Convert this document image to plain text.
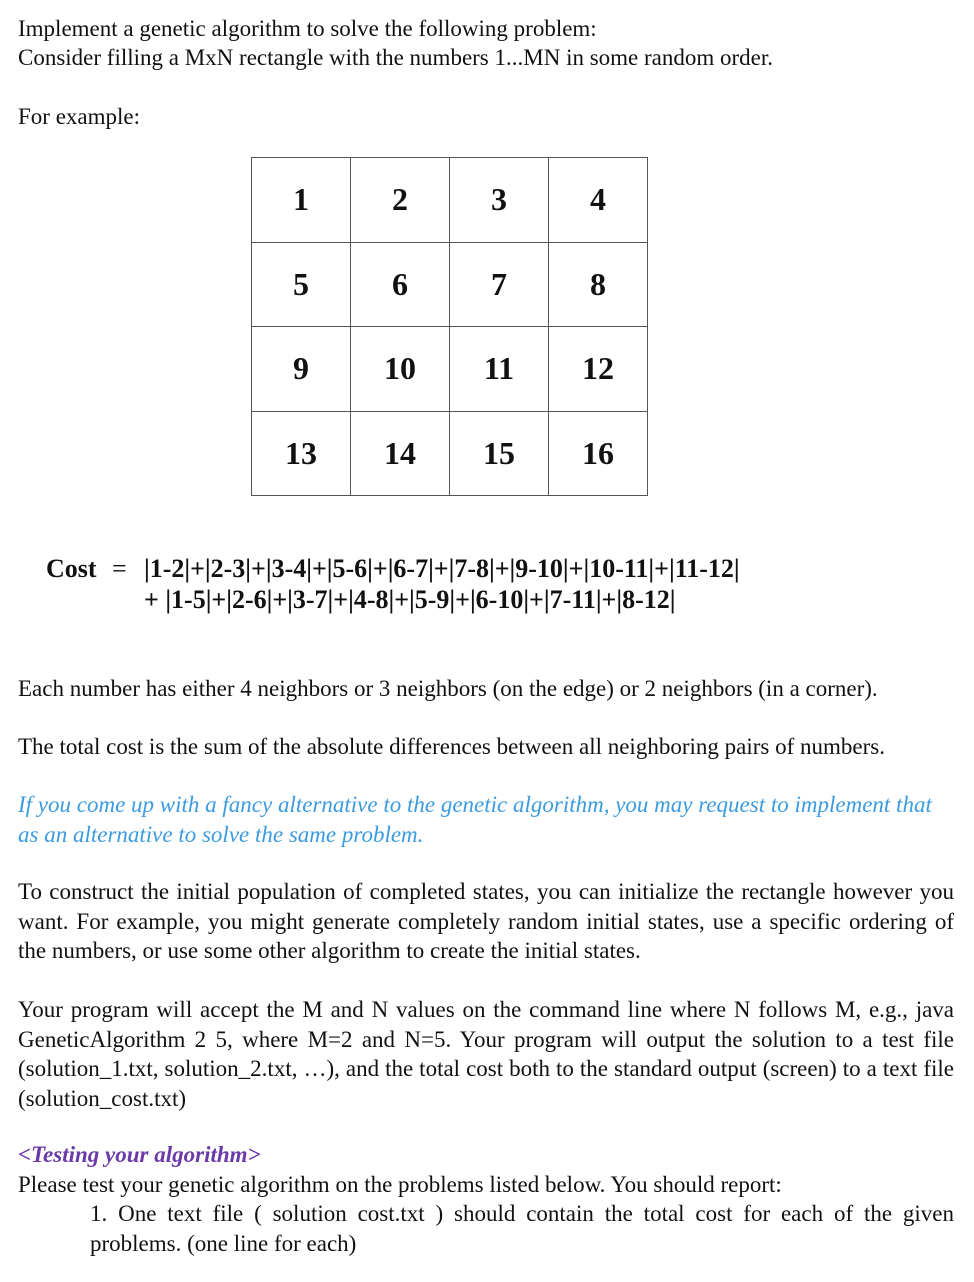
Implement a genetic algorithm to solve the following problem:
Consider filling a MxN rectangle with the numbers 1...MN in some random order.
For example:
1	2	3	4
5	6	7	8
9	10	11	12
13	14	15	16
Cost = |1-2|+|2-3|+|3-4|+|5-6|+|6-7|+|7-8|+|9-10|+|10-11|+|11-12|
+ |1-5|+|2-6|+|3-7|+|4-8|+|5-9|+|6-10|+|7-11|+|8-12|
Each number has either 4 neighbors or 3 neighbors (on the edge) or 2 neighbors (in a corner).
The total cost is the sum of the absolute differences between all neighboring pairs of numbers.
If you come up with a fancy alternative to the genetic algorithm, you may request to implement that as an alternative to solve the same problem.
To construct the initial population of completed states, you can initialize the rectangle however you want. For example, you might generate completely random initial states, use a specific ordering of the numbers, or use some other algorithm to create the initial states.
Your program will accept the M and N values on the command line where N follows M, e.g., java GeneticAlgorithm 2 5, where M=2 and N=5. Your program will output the solution to a test file (solution_1.txt, solution_2.txt, …), and the total cost both to the standard output (screen) to a text file (solution_cost.txt)
<Testing your algorithm>
Please test your genetic algorithm on the problems listed below. You should report:
1. One text file ( solution cost.txt ) should contain the total cost for each of the given problems. (one line for each)
